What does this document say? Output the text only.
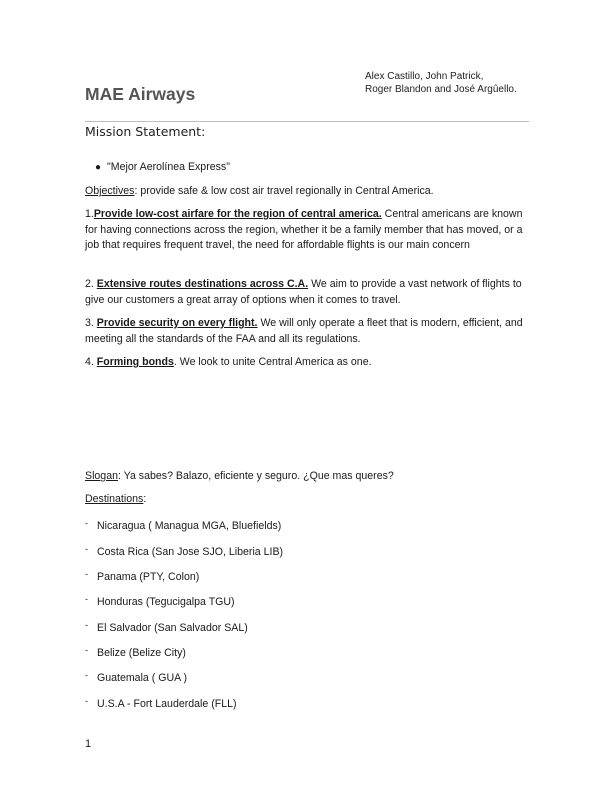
Alex Castillo, John Patrick,
Roger Blandon and José Argûello.
MAE Airways
Mission Statement:
● "Mejor Aerolínea Express"
Objectives: provide safe & low cost air travel regionally in Central America.
1.Provide low-cost airfare for the region of central america. Central americans are known for having connections across the region, whether it be a family member that has moved, or a job that requires frequent travel, the need for affordable flights is our main concern
2. Extensive routes destinations across C.A. We aim to provide a vast network of flights to give our customers a great array of options when it comes to travel.
3. Provide security on every flight. We will only operate a fleet that is modern, efficient, and meeting all the standards of the FAA and all its regulations.
4. Forming bonds. We look to unite Central America as one.
Slogan: Ya sabes? Balazo, eficiente y seguro. ¿Que mas queres?
Destinations:
- Nicaragua ( Managua MGA, Bluefields)
- Costa Rica (San Jose SJO, Liberia LIB)
- Panama (PTY, Colon)
- Honduras (Tegucigalpa TGU)
- El Salvador (San Salvador SAL)
- Belize (Belize City)
- Guatemala ( GUA )
- U.S.A - Fort Lauderdale (FLL)
1
